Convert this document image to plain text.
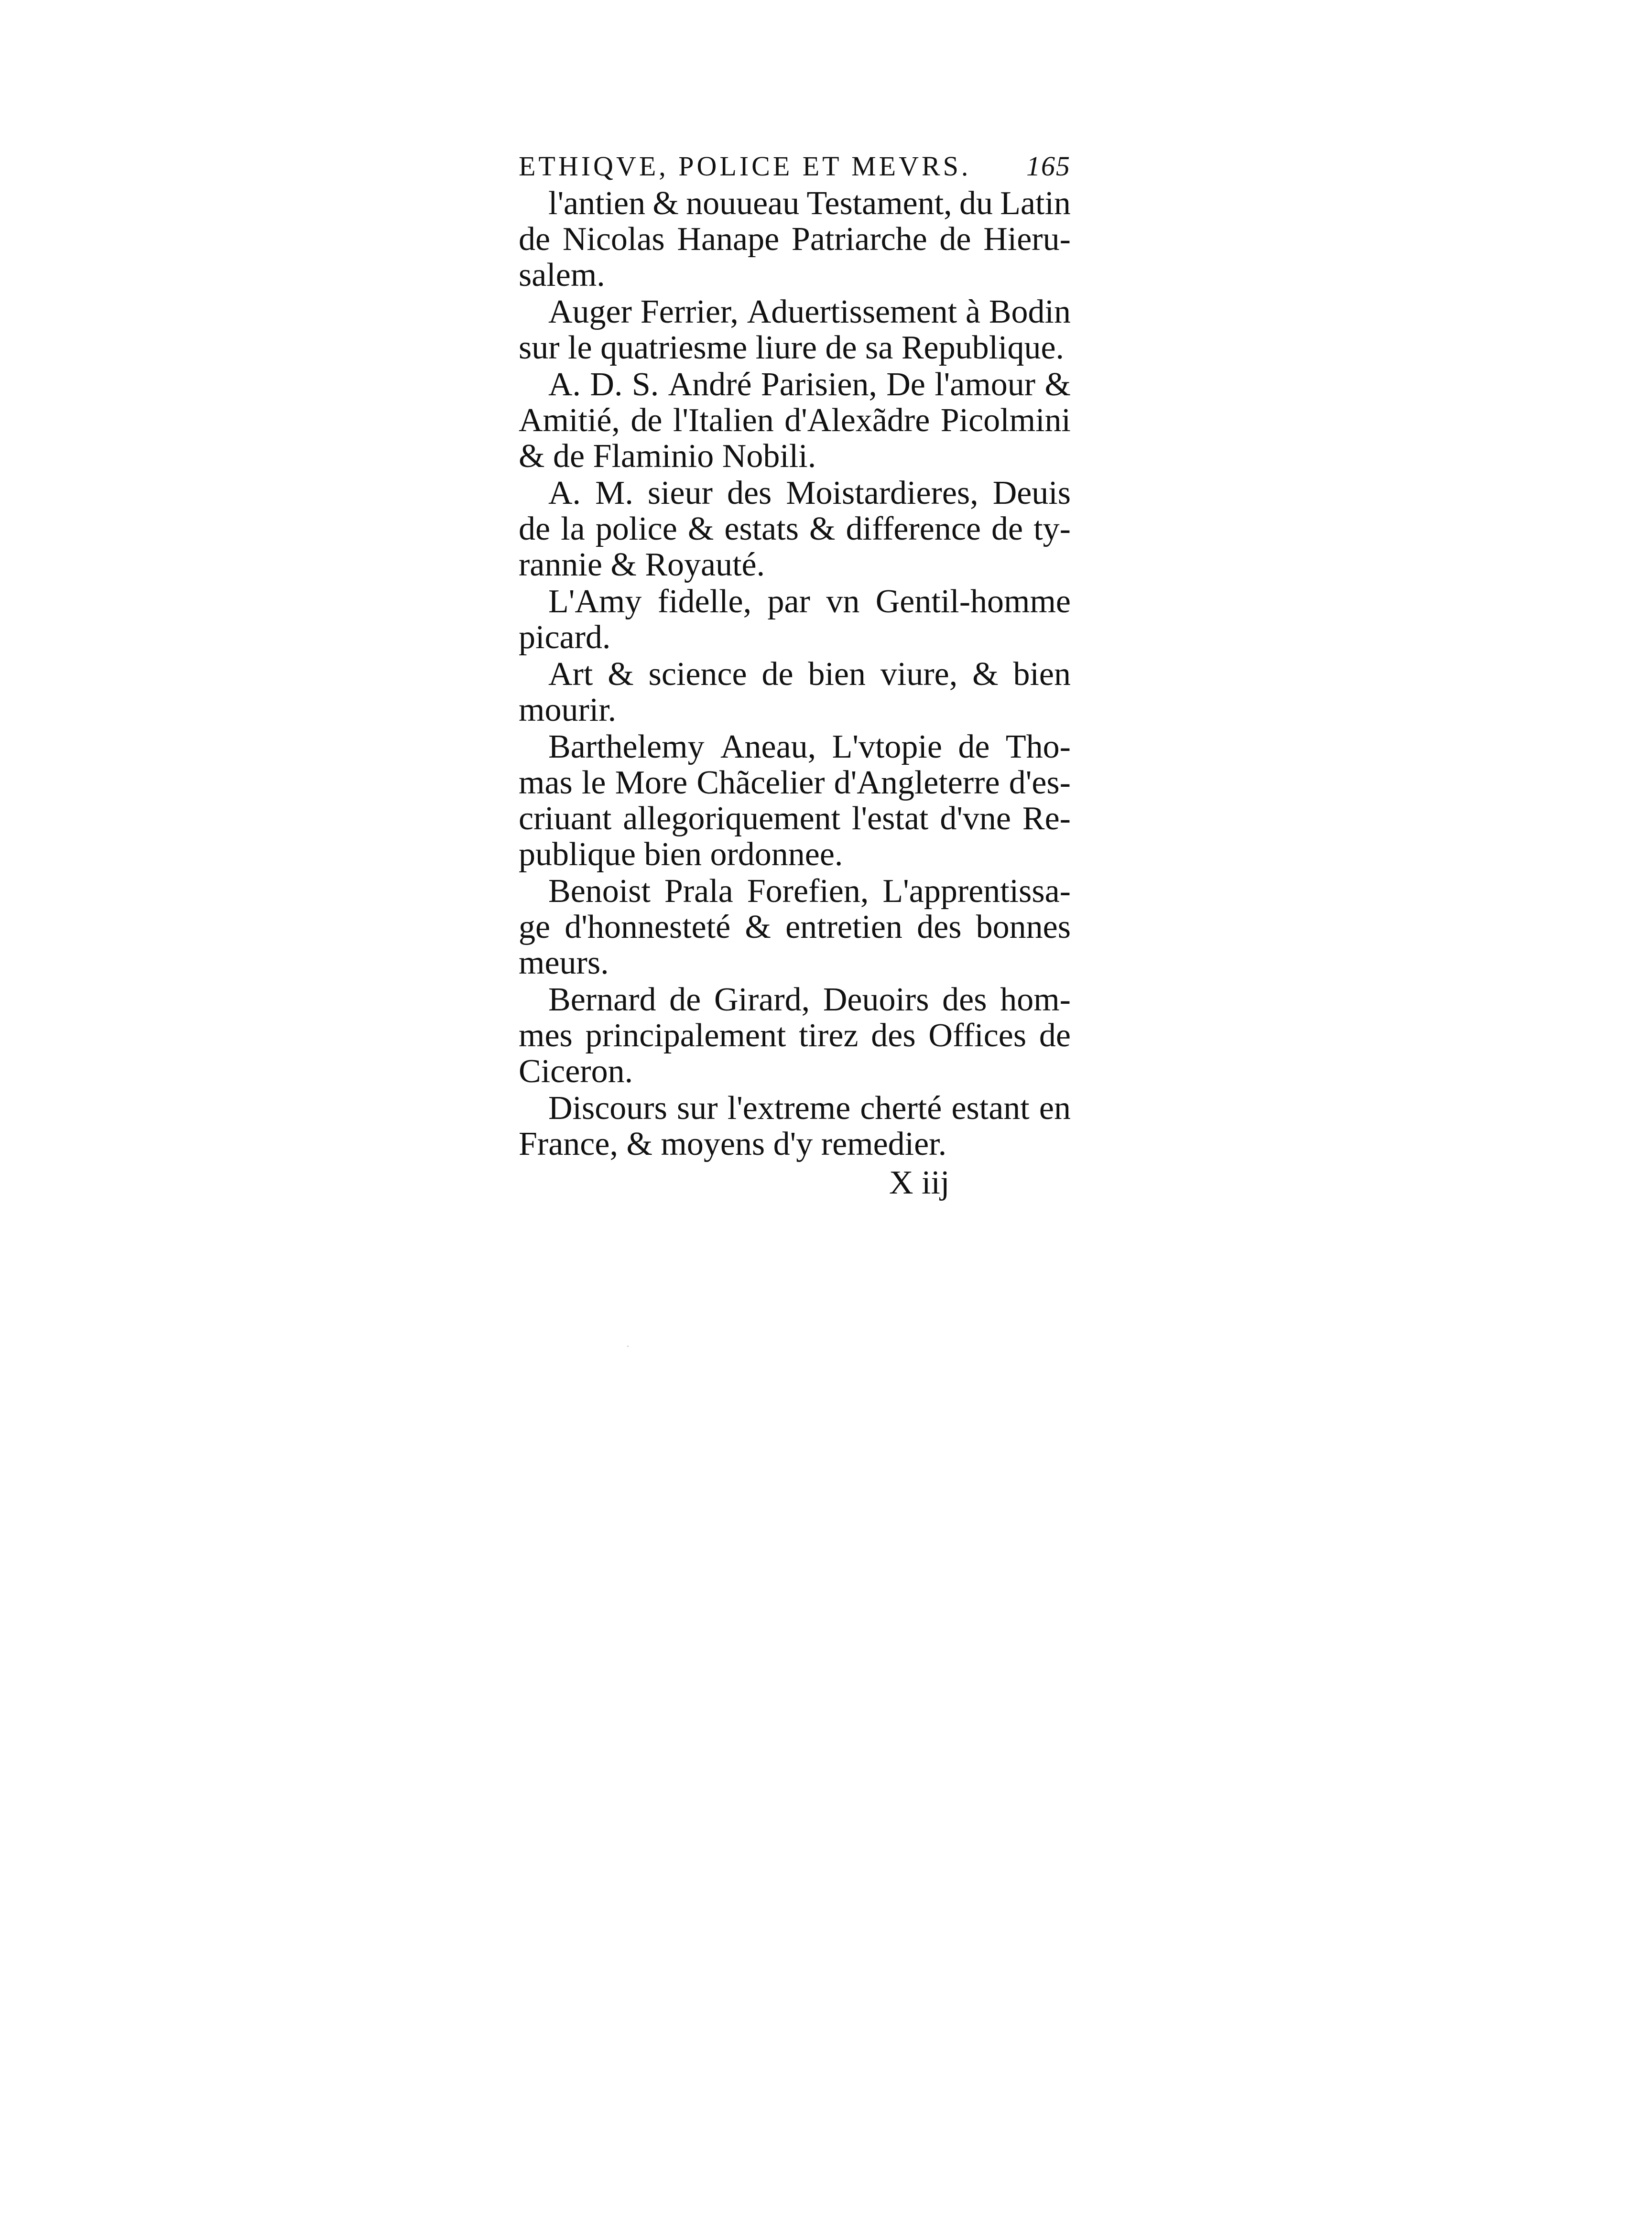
ETHIQVE, POLICE ET MEVRS. 165
l'antien & nouueau Testament, du Latin
de Nicolas Hanape Patriarche de Hieru-
salem.
Auger Ferrier, Aduertissement à Bodin
sur le quatriesme liure de sa Republique.
A. D. S. André Parisien, De l'amour &
Amitié, de l'Italien d'Alexãdre Picolmini
& de Flaminio Nobili.
A. M. sieur des Moistardieres, Deuis
de la police & estats & difference de ty-
rannie & Royauté.
L'Amy fidelle, par vn Gentil-homme
picard.
Art & science de bien viure, & bien
mourir.
Barthelemy Aneau, L'vtopie de Tho-
mas le More Chãcelier d'Angleterre d'es-
criuant allegoriquement l'estat d'vne Re-
publique bien ordonnee.
Benoist Prala Forefien, L'apprentissa-
ge d'honnesteté & entretien des bonnes
meurs.
Bernard de Girard, Deuoirs des hom-
mes principalement tirez des Offices de
Ciceron.
Discours sur l'extreme cherté estant en
France, & moyens d'y remedier.
X iij
